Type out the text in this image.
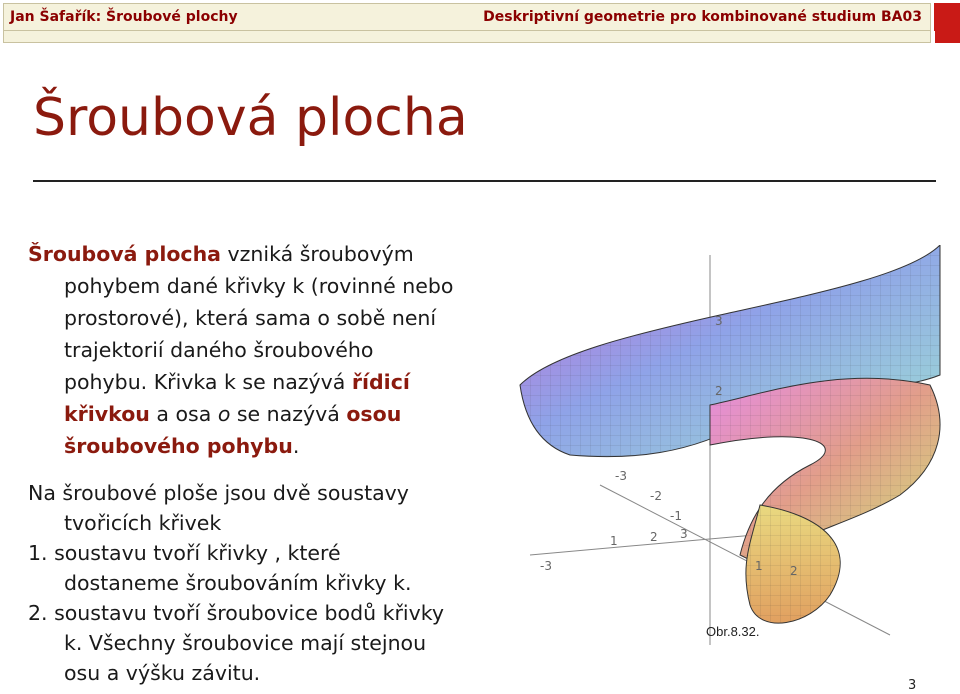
Jan Šafařík: Šroubové plochy	Deskriptivní geometrie pro kombinované studium BA03
Šroubová plocha
Šroubová plocha vzniká šroubovým
pohybem dané křivky k (rovinné nebo
prostorové), která sama o sobě není
trajektorií daného šroubového
pohybu. Křivka k se nazývá řídicí
křivkou a osa o se nazývá osou
šroubového pohybu.
Na šroubové ploše jsou dvě soustavy
tvořicích křivek
1. soustavu tvoří křivky , které
dostaneme šroubováním křivky k.
2. soustavu tvoří šroubovice bodů křivky
k. Všechny šroubovice mají stejnou
osu a výšku závitu.
3
2
-3
-2
-1
1 2
-3
1	2 3
Obr.8.32.
3
